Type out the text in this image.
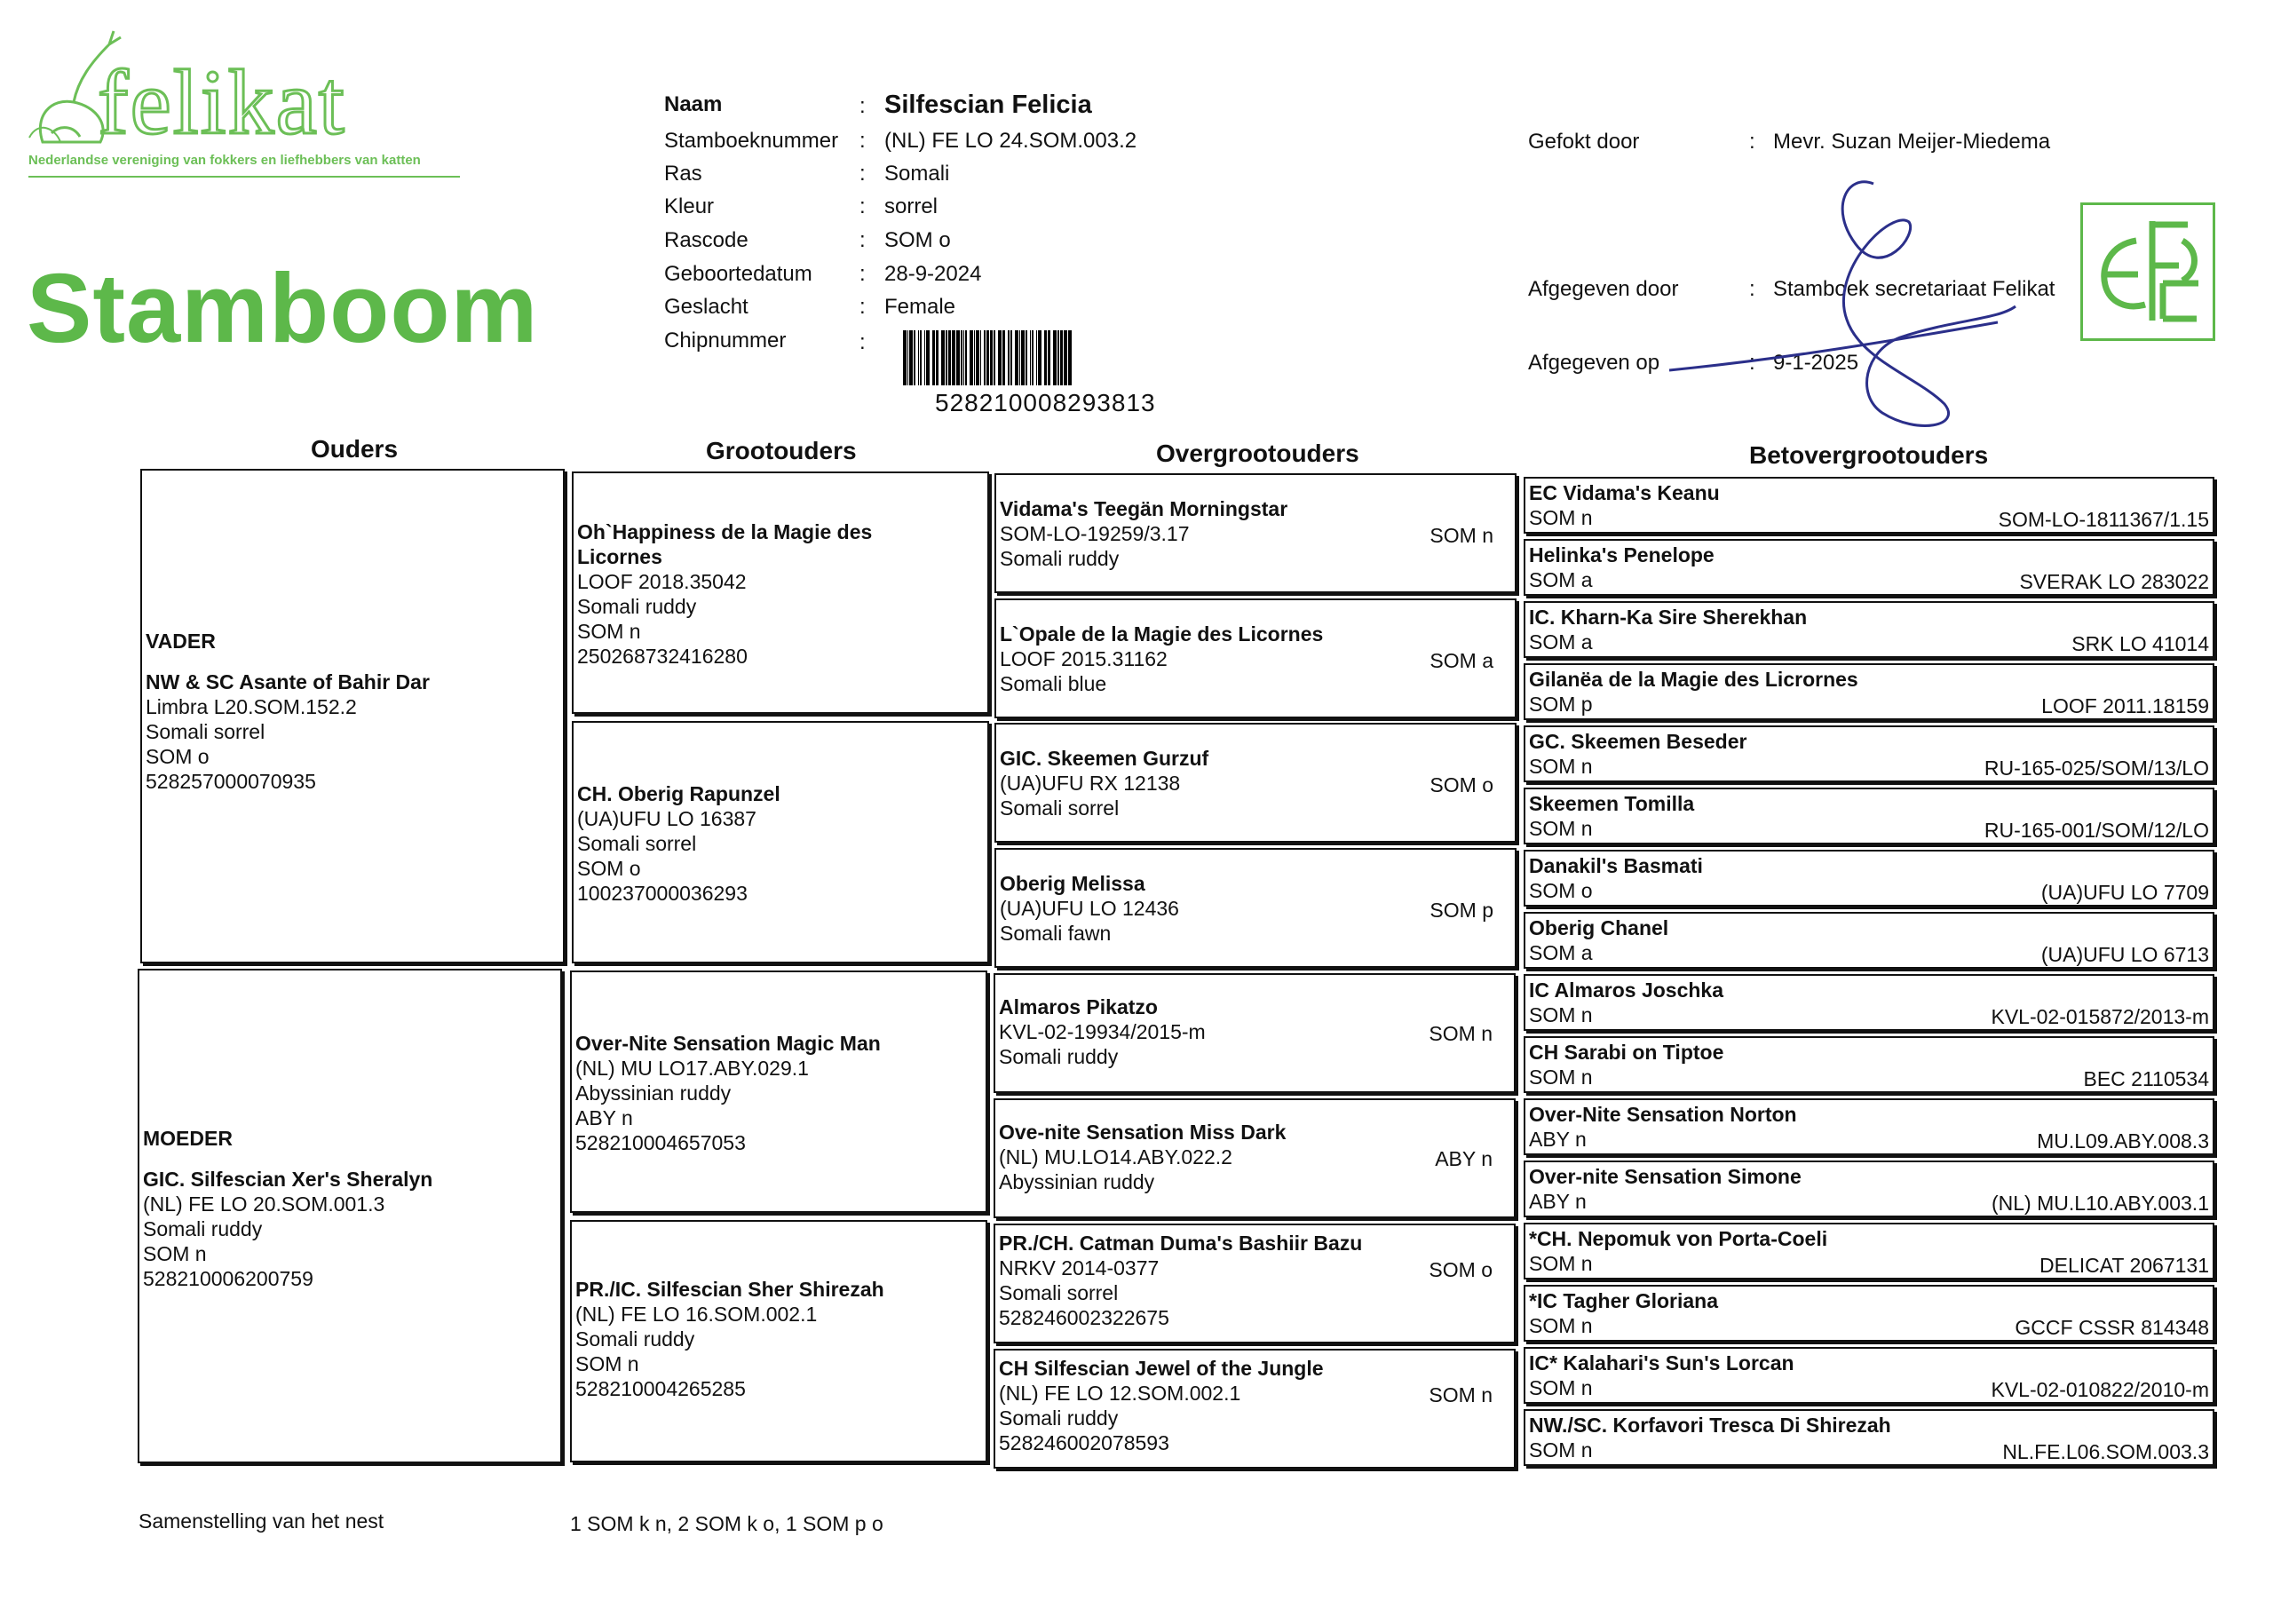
felikat
Nederlandse vereniging van fokkers en liefhebbers van katten
Stamboom
Naam	: Silfescian Felicia
Stamboeknummer : (NL) FE LO 24.SOM.003.2
Ras	: Somali
Kleur	: sorrel
Rascode	: SOM o
Geboortedatum : 28-9-2024
Geslacht	: Female
Chipnummer	:
528210008293813
Gefokt door	: Mevr. Suzan Meijer-Miedema
Afgegeven door	: Stamboek secretariaat Felikat
Afgegeven op	: 9-1-2025
Ouders	Grootouders	Overgrootouders	Betovergrootouders
VADER
NW & SC Asante of Bahir Dar
Limbra L20.SOM.152.2
Somali sorrel
SOM o
528257000070935
MOEDER
GIC. Silfescian Xer's Sheralyn
(NL) FE LO 20.SOM.001.3
Somali ruddy
SOM n
528210006200759
Oh`Happiness de la Magie des Licornes
LOOF 2018.35042
Somali ruddy
SOM n
250268732416280
CH. Oberig Rapunzel
(UA)UFU LO 16387
Somali sorrel
SOM o
100237000036293
Over-Nite Sensation Magic Man
(NL) MU LO17.ABY.029.1
Abyssinian ruddy
ABY n
528210004657053
PR./IC. Silfescian Sher Shirezah
(NL) FE LO 16.SOM.002.1
Somali ruddy
SOM n
528210004265285
Vidama's Teegän Morningstar
SOM-LO-19259/3.17
Somali ruddy
SOM n
L`Opale de la Magie des Licornes
LOOF 2015.31162
Somali blue
SOM a
GIC. Skeemen Gurzuf
(UA)UFU RX 12138
Somali sorrel
SOM o
Oberig Melissa
(UA)UFU LO 12436
Somali fawn
SOM p
Almaros Pikatzo
KVL-02-19934/2015-m
Somali ruddy
SOM n
Ove-nite Sensation Miss Dark
(NL) MU.LO14.ABY.022.2
Abyssinian ruddy
ABY n
PR./CH. Catman Duma's Bashiir Bazu
NRKV 2014-0377
Somali sorrel
528246002322675
SOM o
CH Silfescian Jewel of the Jungle
(NL) FE LO 12.SOM.002.1
Somali ruddy
528246002078593
SOM n
EC Vidama's Keanu
SOM n	SOM-LO-1811367/1.15
Helinka's Penelope
SOM a	SVERAK LO 283022
IC. Kharn-Ka Sire Sherekhan
SOM a	SRK LO 41014
Gilanëa de la Magie des Licrornes
SOM p	LOOF 2011.18159
GC. Skeemen Beseder
SOM n	RU-165-025/SOM/13/LO
Skeemen Tomilla
SOM n	RU-165-001/SOM/12/LO
Danakil's Basmati
SOM o	(UA)UFU LO 7709
Oberig Chanel
SOM a	(UA)UFU LO 6713
IC Almaros Joschka
SOM n	KVL-02-015872/2013-m
CH Sarabi on Tiptoe
SOM n	BEC 2110534
Over-Nite Sensation Norton
ABY n	MU.L09.ABY.008.3
Over-nite Sensation Simone
ABY n	(NL) MU.L10.ABY.003.1
*CH. Nepomuk von Porta-Coeli
SOM n	DELICAT 2067131
*IC Tagher Gloriana
SOM n	GCCF CSSR 814348
IC* Kalahari's Sun's Lorcan
SOM n	KVL-02-010822/2010-m
NW./SC. Korfavori Tresca Di Shirezah
SOM n	NL.FE.L06.SOM.003.3
Samenstelling van het nest	1 SOM k n, 2 SOM k o, 1 SOM p o
